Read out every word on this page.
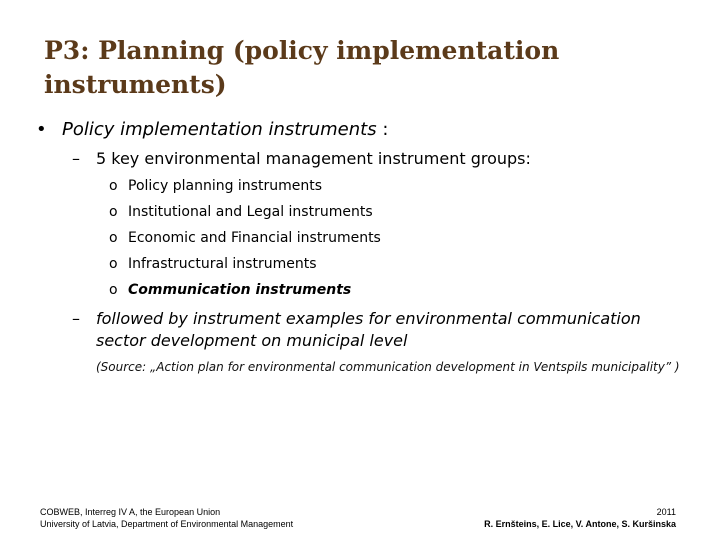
P3: Planning (policy implementation instruments)
• Policy implementation instruments :
– 5 key environmental management instrument groups:
o Policy planning instruments
o Institutional and Legal instruments
o Economic and Financial instruments
o Infrastructural instruments
o Communication instruments
– followed by instrument examples for environmental communication sector development on municipal level
(Source: „Action plan for environmental communication development in Ventspils municipality” )
COBWEB, Interreg IV A, the European Union
University of Latvia, Department of Environmental Management
2011
R. Ernšteins, E. Lice, V. Antone, S. Kuršinska
